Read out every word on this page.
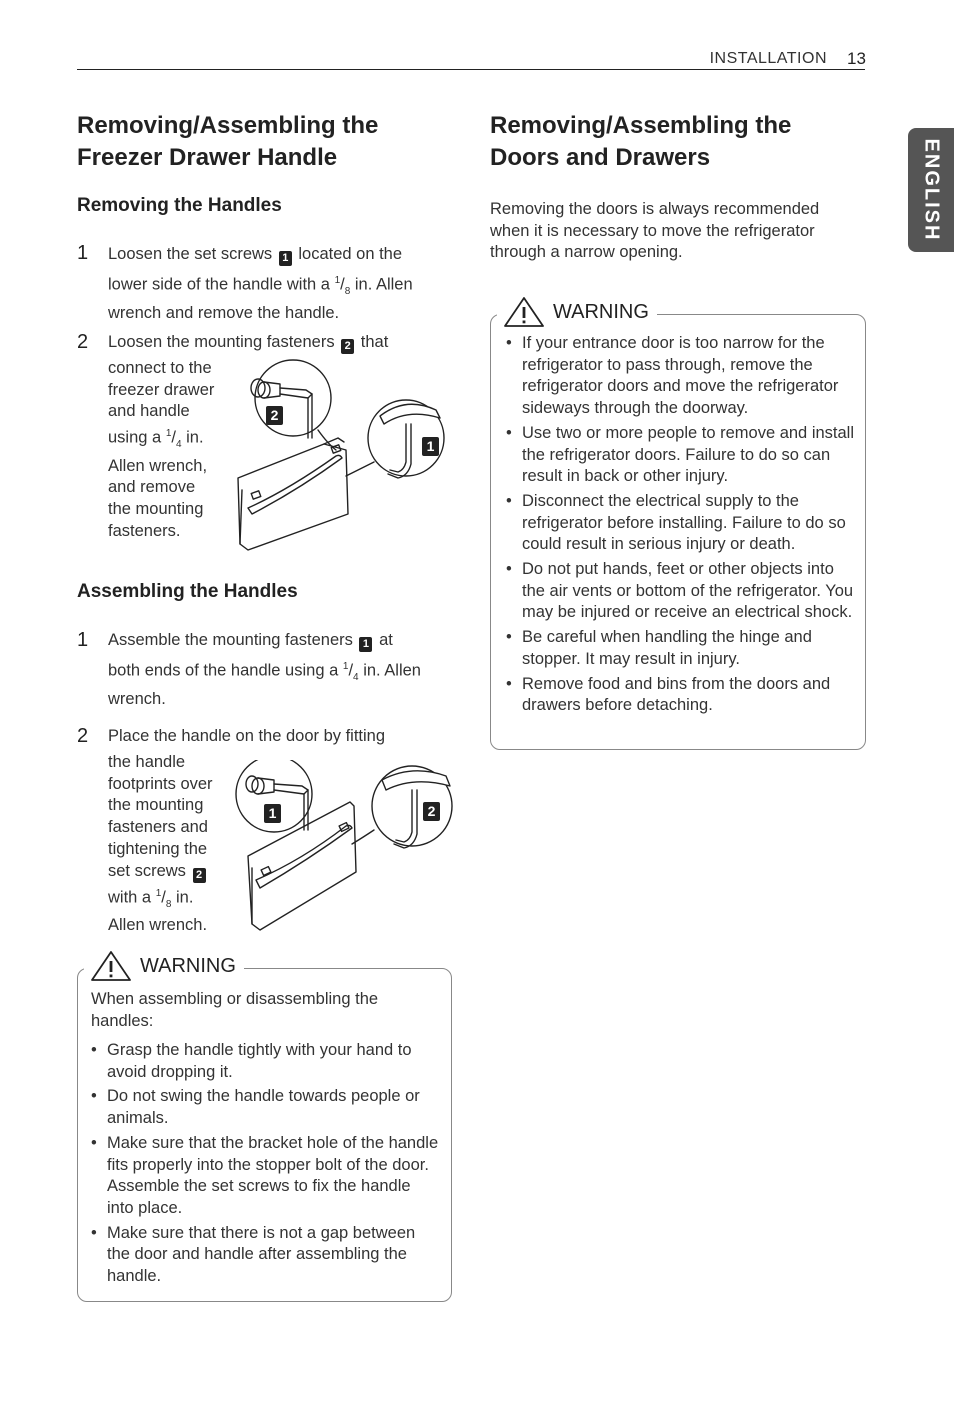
INSTALLATION 13
ENGLISH
Removing/Assembling the
Freezer Drawer Handle
Removing the Handles
1 Loosen the set screws 1 located on the
lower side of the handle with a $^1/_8$ in. Allen
wrench and remove the handle.
2 Loosen the mounting fasteners 2 that
connect to the
freezer drawer
and handle
using a $^1/_4$ in.
Allen wrench,
and remove
the mounting
fasteners.
2
1
Assembling the Handles
1 Assemble the mounting fasteners 1 at
both ends of the handle using a $^1/_4$ in. Allen
wrench.
2 Place the handle on the door by fitting
the handle
footprints over
the mounting
fasteners and
tightening the
set screws 2
with a $^1/_8$ in.
Allen wrench.
1	2
WARNING
When assembling or disassembling the handles:
• Grasp the handle tightly with your hand to avoid dropping it.
• Do not swing the handle towards people or animals.
• Make sure that the bracket hole of the handle fits properly into the stopper bolt of the door. Assemble the set screws to fix the handle into place.
• Make sure that there is not a gap between the door and handle after assembling the handle.
Removing/Assembling the
Doors and Drawers
Removing the doors is always recommended when it is necessary to move the refrigerator through a narrow opening.
WARNING
• If your entrance door is too narrow for the refrigerator to pass through, remove the refrigerator doors and move the refrigerator sideways through the doorway.
• Use two or more people to remove and install the refrigerator doors. Failure to do so can result in back or other injury.
• Disconnect the electrical supply to the refrigerator before installing. Failure to do so could result in serious injury or death.
• Do not put hands, feet or other objects into the air vents or bottom of the refrigerator. You may be injured or receive an electrical shock.
• Be careful when handling the hinge and stopper. It may result in injury.
• Remove food and bins from the doors and drawers before detaching.
